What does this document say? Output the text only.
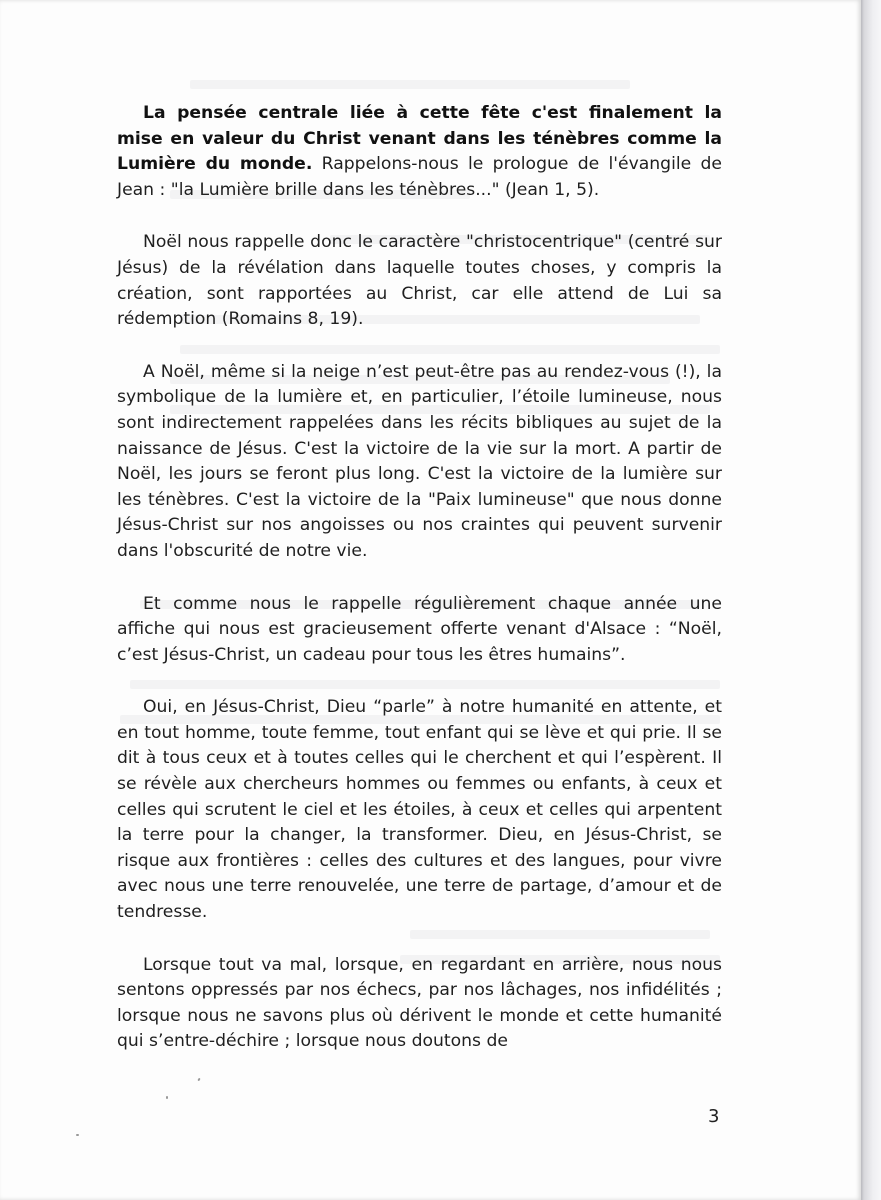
La pensée centrale liée à cette fête c'est finalement la mise en valeur du Christ venant dans les ténèbres comme la Lumière du monde. Rappelons-nous le prologue de l'évangile de Jean : "la Lumière brille dans les ténèbres..." (Jean 1, 5).

Noël nous rappelle donc le caractère "christocentrique" (centré sur Jésus) de la révélation dans laquelle toutes choses, y compris la création, sont rapportées au Christ, car elle attend de Lui sa rédemption (Romains 8, 19).

A Noël, même si la neige n’est peut-être pas au rendez-vous (!), la symbolique de la lumière et, en particulier, l’étoile lumineuse, nous sont indirectement rappelées dans les récits bibliques au sujet de la naissance de Jésus. C'est la victoire de la vie sur la mort. A partir de Noël, les jours se feront plus long. C'est la victoire de la lumière sur les ténèbres. C'est la victoire de la "Paix lumineuse" que nous donne Jésus-Christ sur nos angoisses ou nos craintes qui peuvent survenir dans l'obscurité de notre vie.

Et comme nous le rappelle régulièrement chaque année une affiche qui nous est gracieusement offerte venant d'Alsace : “Noël, c’est Jésus-Christ, un cadeau pour tous les êtres humains”.

Oui, en Jésus-Christ, Dieu “parle” à notre humanité en attente, et en tout homme, toute femme, tout enfant qui se lève et qui prie. Il se dit à tous ceux et à toutes celles qui le cherchent et qui l’espèrent. Il se révèle aux chercheurs hommes ou femmes ou enfants, à ceux et celles qui scrutent le ciel et les étoiles, à ceux et celles qui arpentent la terre pour la changer, la transformer. Dieu, en Jésus-Christ, se risque aux frontières : celles des cultures et des langues, pour vivre avec nous une terre renouvelée, une terre de partage, d’amour et de tendresse.

Lorsque tout va mal, lorsque, en regardant en arrière, nous nous sentons oppressés par nos échecs, par nos lâchages, nos infidélités ; lorsque nous ne savons plus où dérivent le monde et cette humanité qui s’entre-déchire ; lorsque nous doutons de

3
